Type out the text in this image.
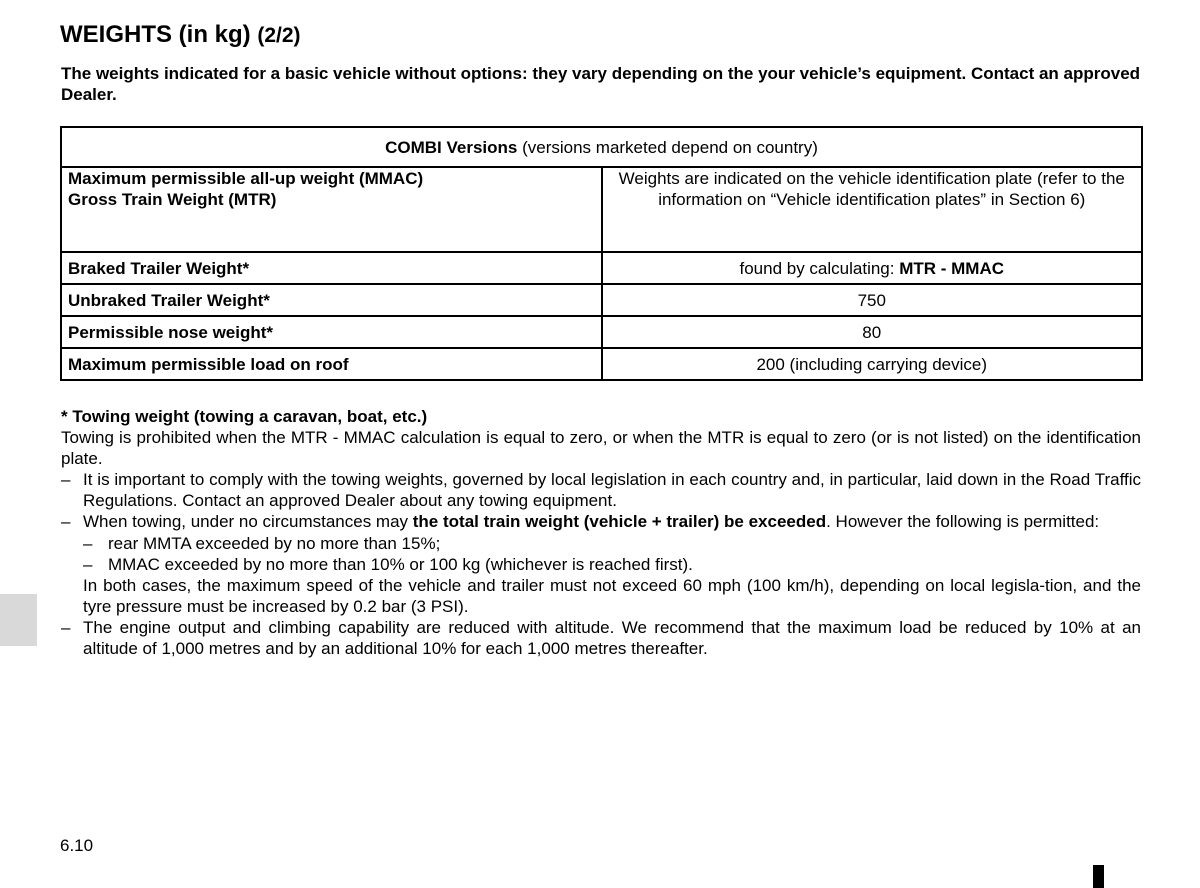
WEIGHTS (in kg) (2/2)
The weights indicated for a basic vehicle without options: they vary depending on the your vehicle’s equipment. Contact an approved Dealer.
COMBI Versions (versions marketed depend on country)	

Maximum permissible all-up weight (MMAC)
Gross Train Weight (MTR)	Weights are indicated on the vehicle identification plate (refer to the information on “Vehicle identification plates” in Section 6)
Braked Trailer Weight*	found by calculating: MTR - MMAC
Unbraked Trailer Weight*	750
Permissible nose weight*	80
Maximum permissible load on roof	200 (including carrying device)

* Towing weight (towing a caravan, boat, etc.)

Towing is prohibited when the MTR - MMAC calculation is equal to zero, or when the MTR is equal to zero (or is not listed) on the identification plate.

– It is important to comply with the towing weights, governed by local legislation in each country and, in particular, laid down in the Road Traffic Regulations. Contact an approved Dealer about any towing equipment.

– When towing, under no circumstances may the total train weight (vehicle + trailer) be exceeded. However the following is permitted:

– rear MMTA exceeded by no more than 15%;

– MMAC exceeded by no more than 10% or 100 kg (whichever is reached first).

In both cases, the maximum speed of the vehicle and trailer must not exceed 60 mph (100 km/h), depending on local legisla-tion, and the tyre pressure must be increased by 0.2 bar (3 PSI).

– The engine output and climbing capability are reduced with altitude. We recommend that the maximum load be reduced by 10% at an altitude of 1,000 metres and by an additional 10% for each 1,000 metres thereafter.

6.10
